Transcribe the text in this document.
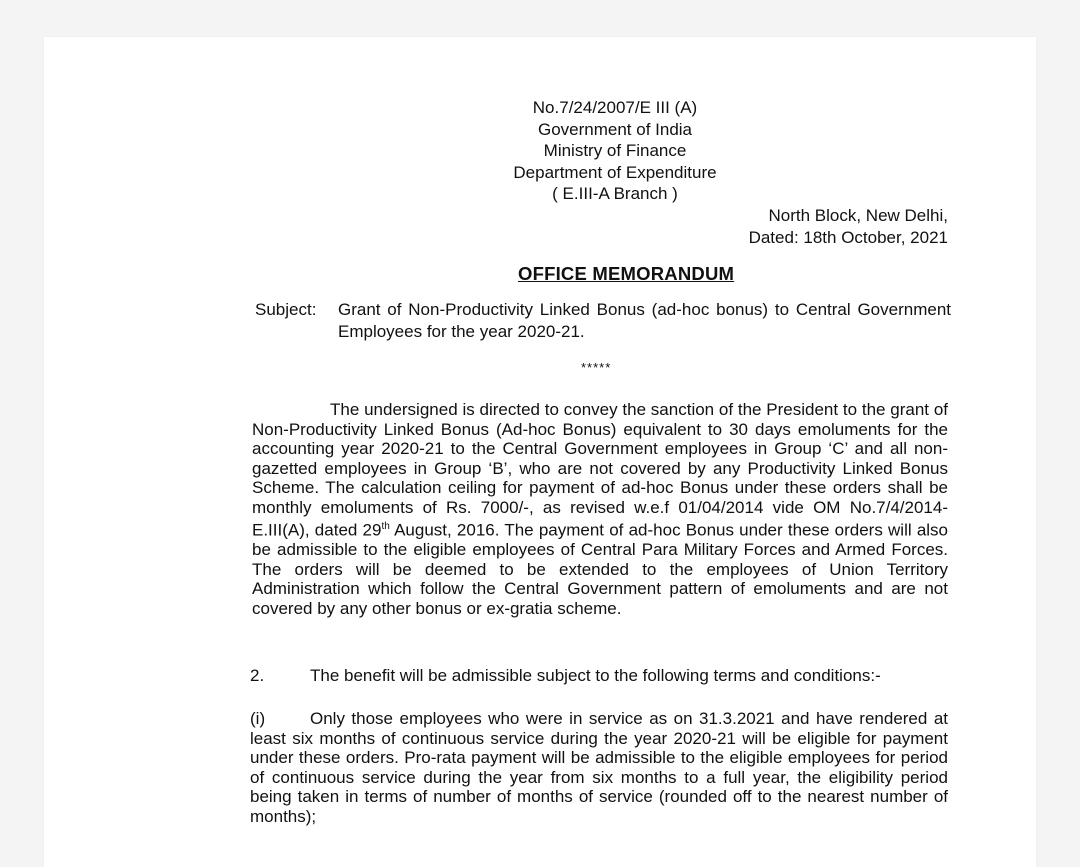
No.7/24/2007/E III (A)
Government of India
Ministry of Finance
Department of Expenditure
( E.III-A Branch )
North Block, New Delhi,
Dated: 18th October, 2021
OFFICE MEMORANDUM
Subject: Grant of Non-Productivity Linked Bonus (ad-hoc bonus) to Central Government Employees for the year 2020-21.
*****
The undersigned is directed to convey the sanction of the President to the grant of Non-Productivity Linked Bonus (Ad-hoc Bonus) equivalent to 30 days emoluments for the accounting year 2020-21 to the Central Government employees in Group ‘C’ and all non-gazetted employees in Group ‘B’, who are not covered by any Productivity Linked Bonus Scheme. The calculation ceiling for payment of ad-hoc Bonus under these orders shall be monthly emoluments of Rs. 7000/-, as revised w.e.f 01/04/2014 vide OM No.7/4/2014-E.III(A), dated 29th August, 2016. The payment of ad-hoc Bonus under these orders will also be admissible to the eligible employees of Central Para Military Forces and Armed Forces. The orders will be deemed to be extended to the employees of Union Territory Administration which follow the Central Government pattern of emoluments and are not covered by any other bonus or ex-gratia scheme.
2.	The benefit will be admissible subject to the following terms and conditions:-
(i)	Only those employees who were in service as on 31.3.2021 and have rendered at least six months of continuous service during the year 2020-21 will be eligible for payment under these orders. Pro-rata payment will be admissible to the eligible employees for period of continuous service during the year from six months to a full year, the eligibility period being taken in terms of number of months of service (rounded off to the nearest number of months);
